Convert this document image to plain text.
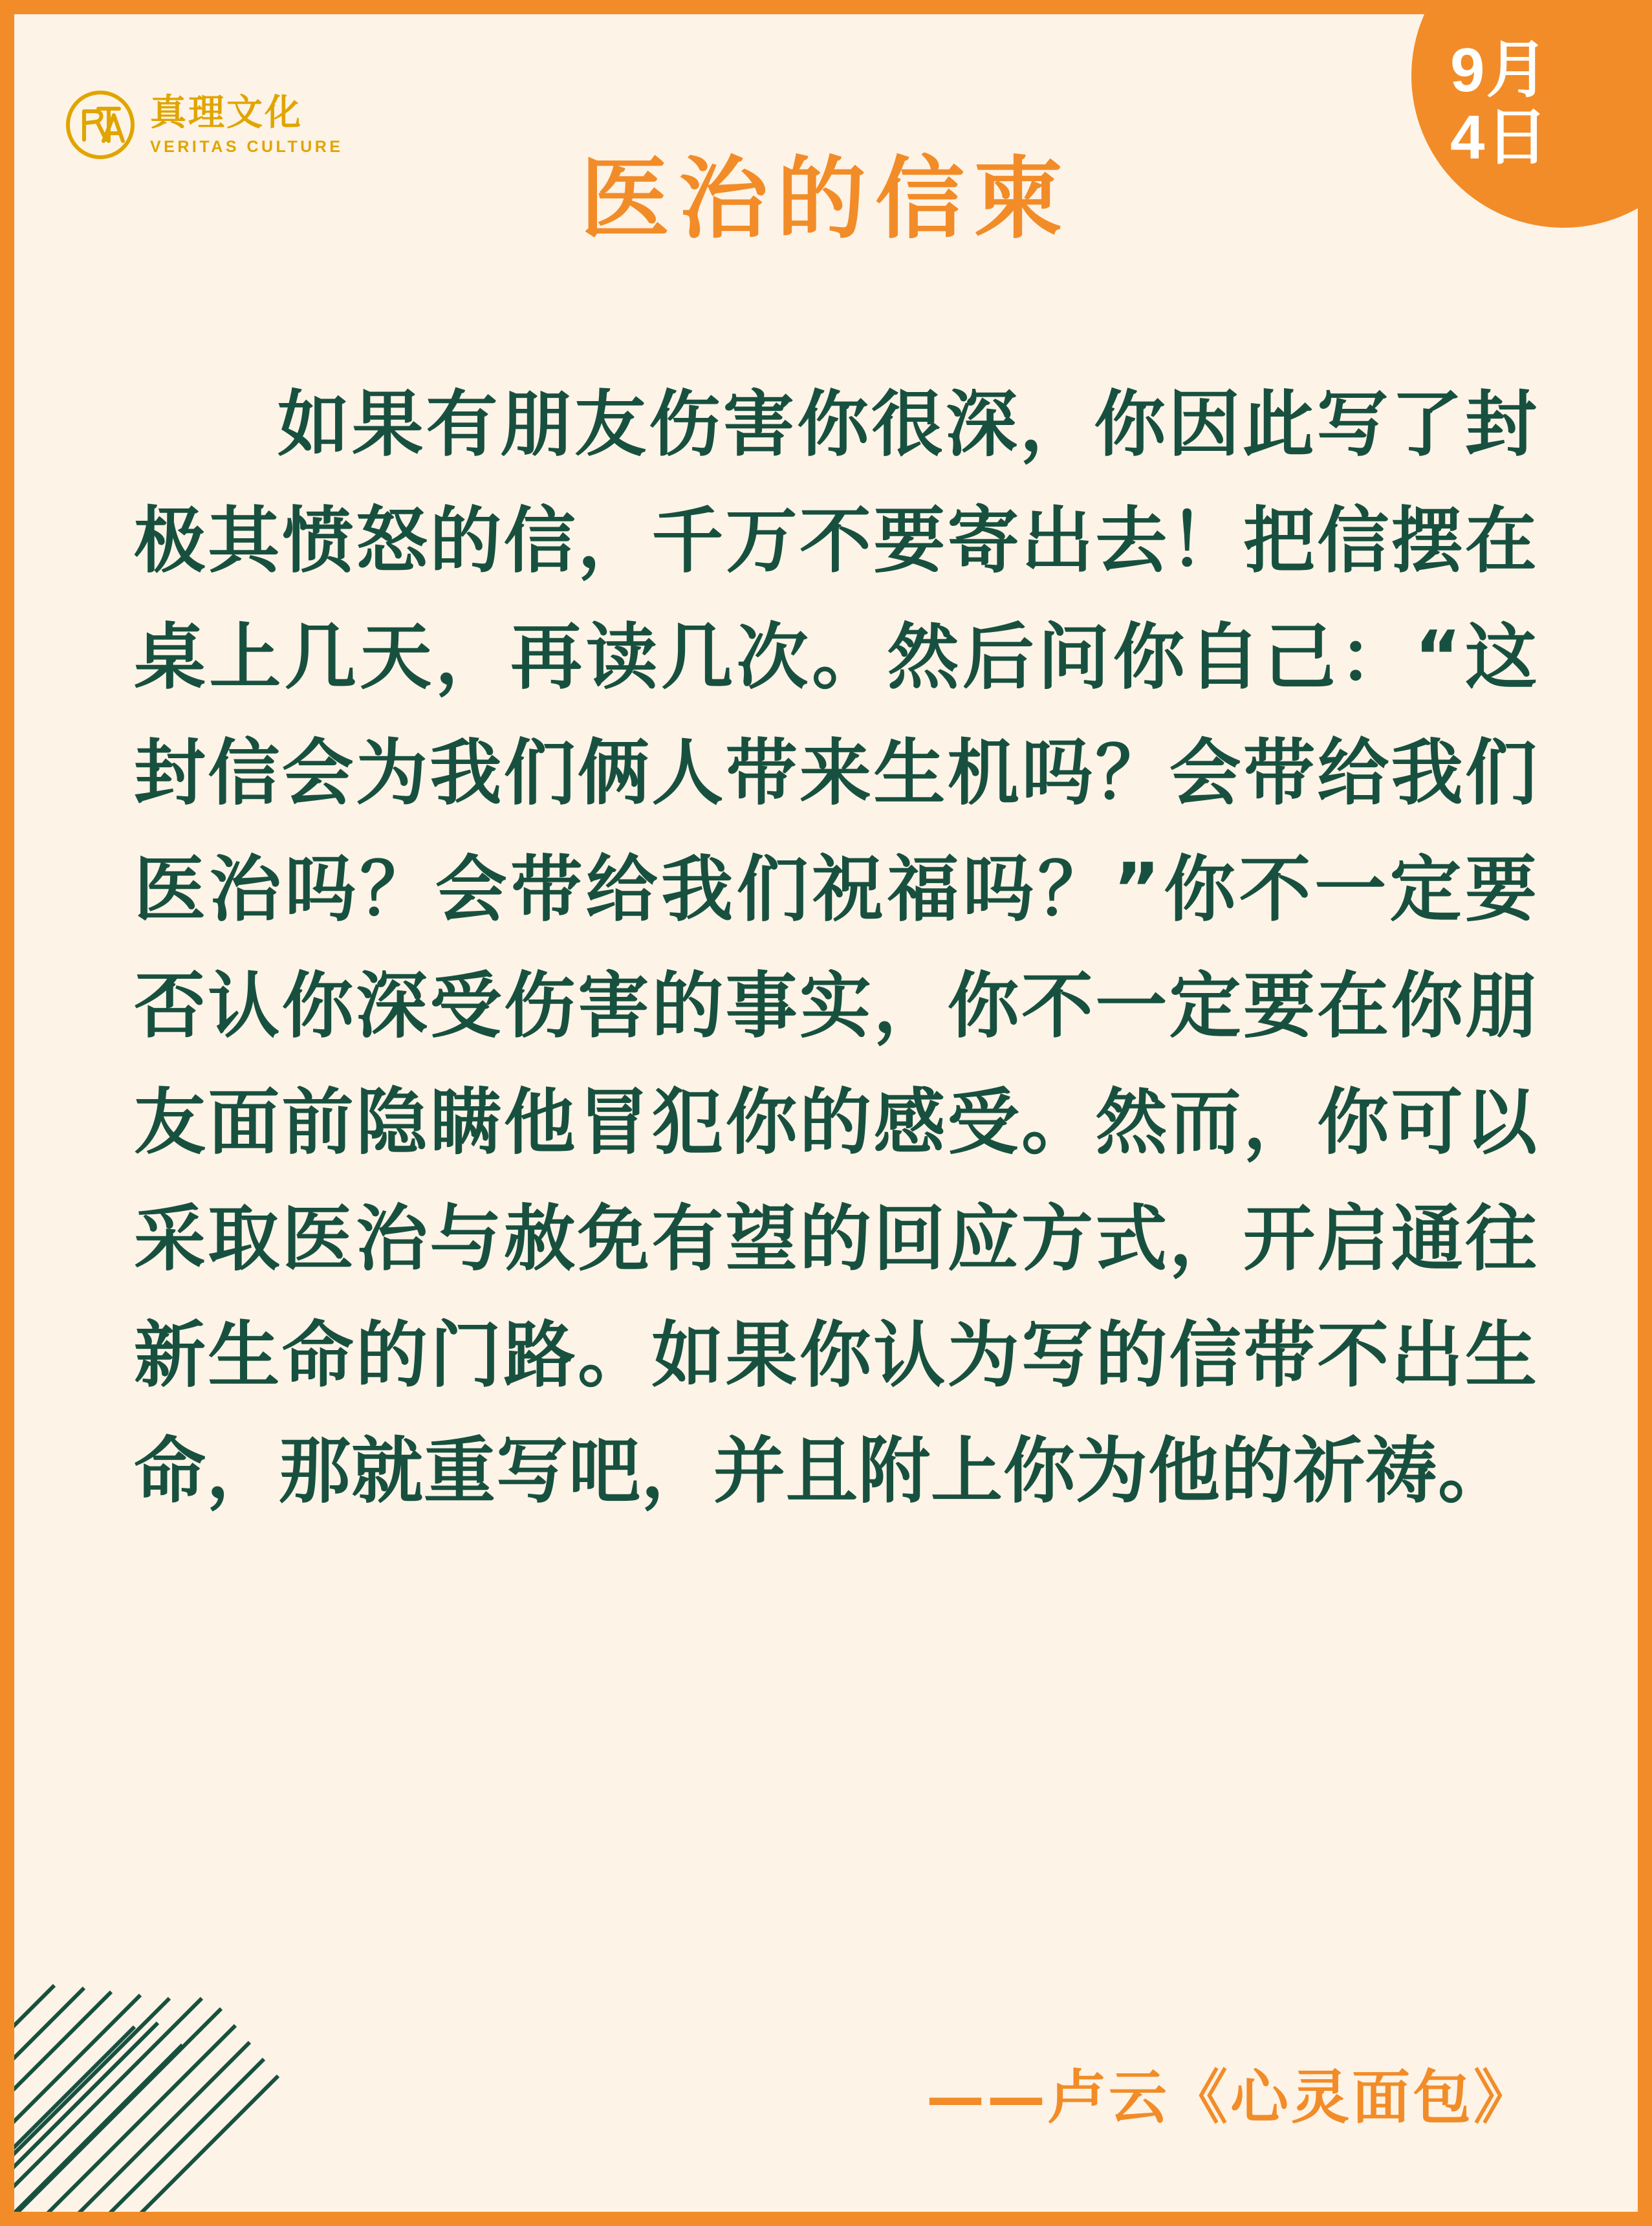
真理文化
VERITAS CULTURE
9月
4日
医治的信柬
如果有朋友伤害你很深，你因此写了封极其愤怒的信，千万不要寄出去！把信摆在桌上几天，再读几次。然后问你自己：“这封信会为我们俩人带来生机吗？会带给我们医治吗？会带给我们祝福吗？”你不一定要否认你深受伤害的事实，你不一定要在你朋友面前隐瞒他冒犯你的感受。然而，你可以采取医治与赦免有望的回应方式，开启通往新生命的门路。如果你认为写的信带不出生命，那就重写吧，并且附上你为他的祈祷。
——卢云《心灵面包》
